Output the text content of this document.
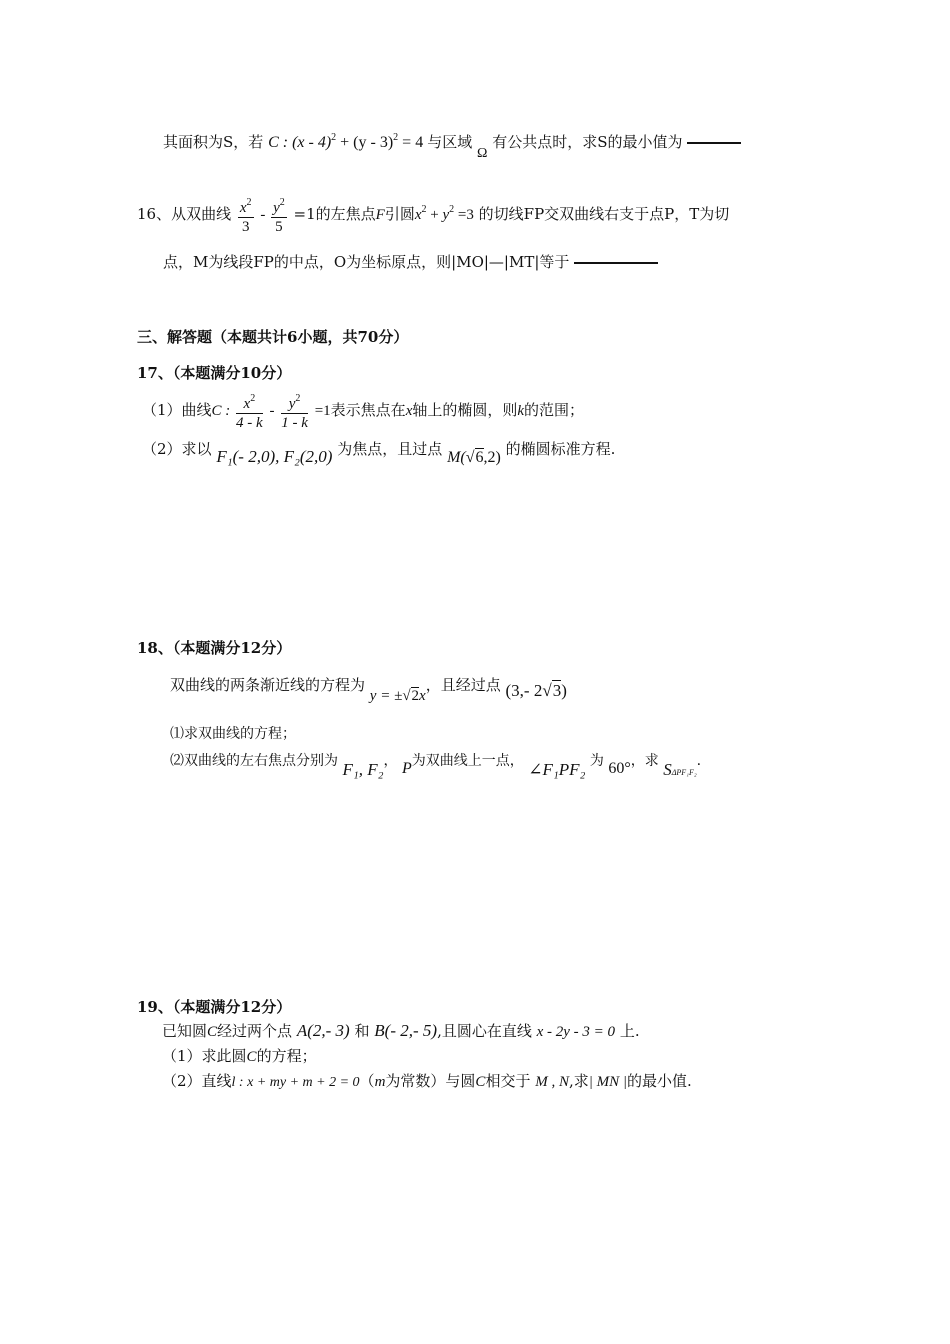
其面积为S，若 C : (x - 4)$^2$ + (y - 3)$^2$ = 4 与区域 Ω 有公共点时，求S的最小值为
16、从双曲线 $\frac{x^2}{3} - \frac{y^2}{5} =1$的左焦点F引圆$x^2 + y^2 =3$ 的切线FP交双曲线右支于点P，T为切
点，M为线段FP的中点，O为坐标原点，则|MO|—|MT|等于
三、解答题（本题共计6小题，共70分）
17、（本题满分10分）
（1）曲线C : $\frac{x^2}{4 - k} - \frac{y^2}{1 - k} =1$表示焦点在x轴上的椭圆，则k的范围；
（2）求以 F₁(- 2,0), F₂(2,0) 为焦点，且过点 M(√6,2) 的椭圆标准方程.
18、（本题满分12分）
双曲线的两条渐近线的方程为 y = ±√2x，且经过点 (3,- 2√3)
⑴求双曲线的方程；
⑵双曲线的左右焦点分别为 F₁, F₂， P为双曲线上一点， ∠F₁PF₂ 为 60°，求 SΔPF₁F₂.
19、（本题满分12分）
已知圆C经过两个点 A(2,- 3) 和 B(- 2,- 5),且圆心在直线 x - 2y - 3 = 0 上.
（1）求此圆C的方程；
（2）直线l : x + my + m + 2 = 0（m为常数）与圆C相交于 M , N,求| MN |的最小值.
